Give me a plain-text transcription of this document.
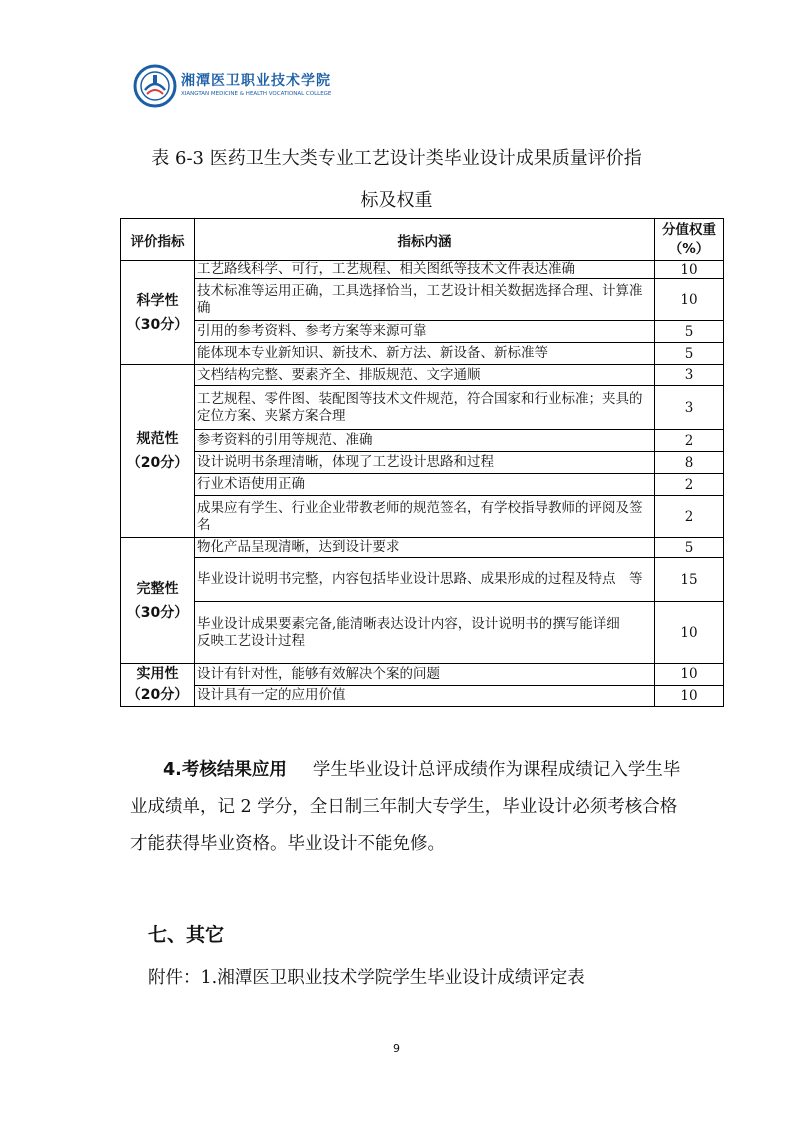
湘潭医卫职业技术学院
XIANGTAN MEDICINE & HEALTH VOCATIONAL COLLEGE
表 6-3 医药卫生大类专业工艺设计类毕业设计成果质量评价指
标及权重
评价指标	指标内涵	分值权重（%）

科学性
（30分）	工艺路线科学、可行，工艺规程、相关图纸等技术文件表达准确	10
	技术标准等运用正确，工具选择恰当，工艺设计相关数据选择合理、计算准确	10
	引用的参考资料、参考方案等来源可靠	5
	能体现本专业新知识、新技术、新方法、新设备、新标准等	5

规范性
（20分）	文档结构完整、要素齐全、排版规范、文字通顺	3
	工艺规程、零件图、装配图等技术文件规范，符合国家和行业标准；夹具的定位方案、夹紧方案合理	3
	参考资料的引用等规范、准确	2
	设计说明书条理清晰，体现了工艺设计思路和过程	8
	行业术语使用正确	2
	成果应有学生、行业企业带教老师的规范签名，有学校指导教师的评阅及签名	2

完整性
（30分）	物化产品呈现清晰，达到设计要求	5
	毕业设计说明书完整，内容包括毕业设计思路、成果形成的过程及特点　等	15
	毕业设计成果要素完备,能清晰表达设计内容，设计说明书的撰写能详细
反映工艺设计过程	10

实用性
（20分）	设计有针对性，能够有效解决个案的问题	10
	设计具有一定的应用价值	10
4.考核结果应用 学生毕业设计总评成绩作为课程成绩记入学生毕业成绩单，记 2 学分，全日制三年制大专学生，毕业设计必须考核合格才能获得毕业资格。毕业设计不能免修。
七、其它
附件：1.湘潭医卫职业技术学院学生毕业设计成绩评定表
9
